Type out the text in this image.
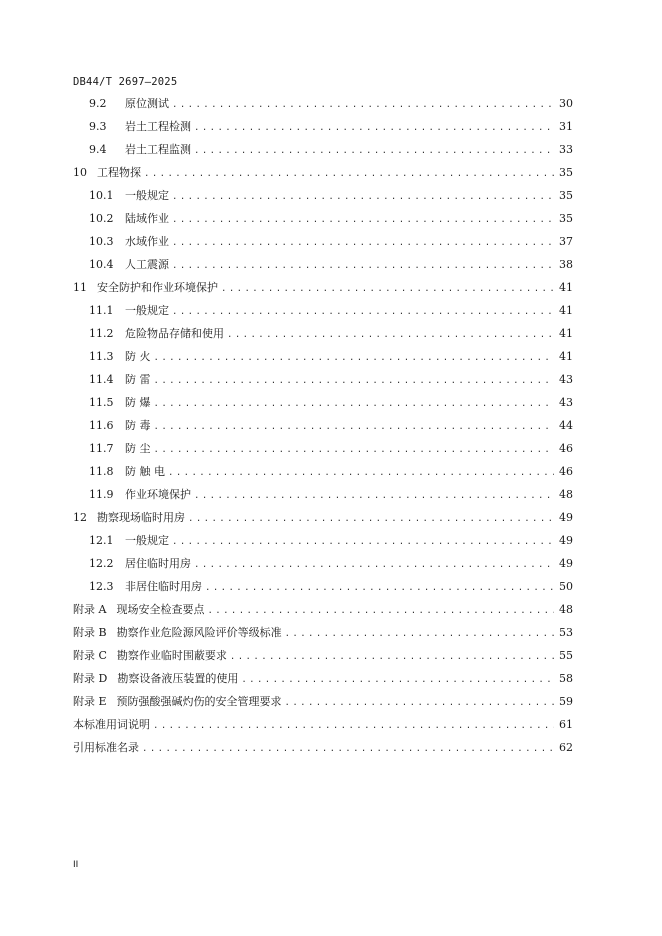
DB44/T 2697—2025
9.2	原位测试 .....	30
9.3	岩土工程检测 .....	31
9.4	岩土工程监测 .....	33
10 工程物探 .....	35
10.1	一般规定 .....	35
10.2	陆域作业 .....	35
10.3	水域作业 .....	37
10.4	人工震源 .....	38
11 安全防护和作业环境保护 .....	41
11.1	一般规定 .....	41
11.2	危险物品存储和使用 .....	41
11.3	防 火 .....	41
11.4	防 雷 .....	43
11.5	防 爆 .....	43
11.6	防 毒 .....	44
11.7	防 尘 .....	46
11.8	防 触 电 .....	46
11.9	作业环境保护 .....	48
12 勘察现场临时用房 .....	49
12.1	一般规定 .....	49
12.2	居住临时用房 .....	49
12.3	非居住临时用房 .....	50
附录 A 现场安全检查要点 .....	48
附录 B 勘察作业危险源风险评价等级标准 .....	53
附录 C 勘察作业临时围蔽要求 .....	55
附录 D 勘察设备液压装置的使用 .....	58
附录 E 预防强酸强碱灼伤的安全管理要求 .....	59
本标准用词说明 .....	61
引用标准名录 .....	62
II
